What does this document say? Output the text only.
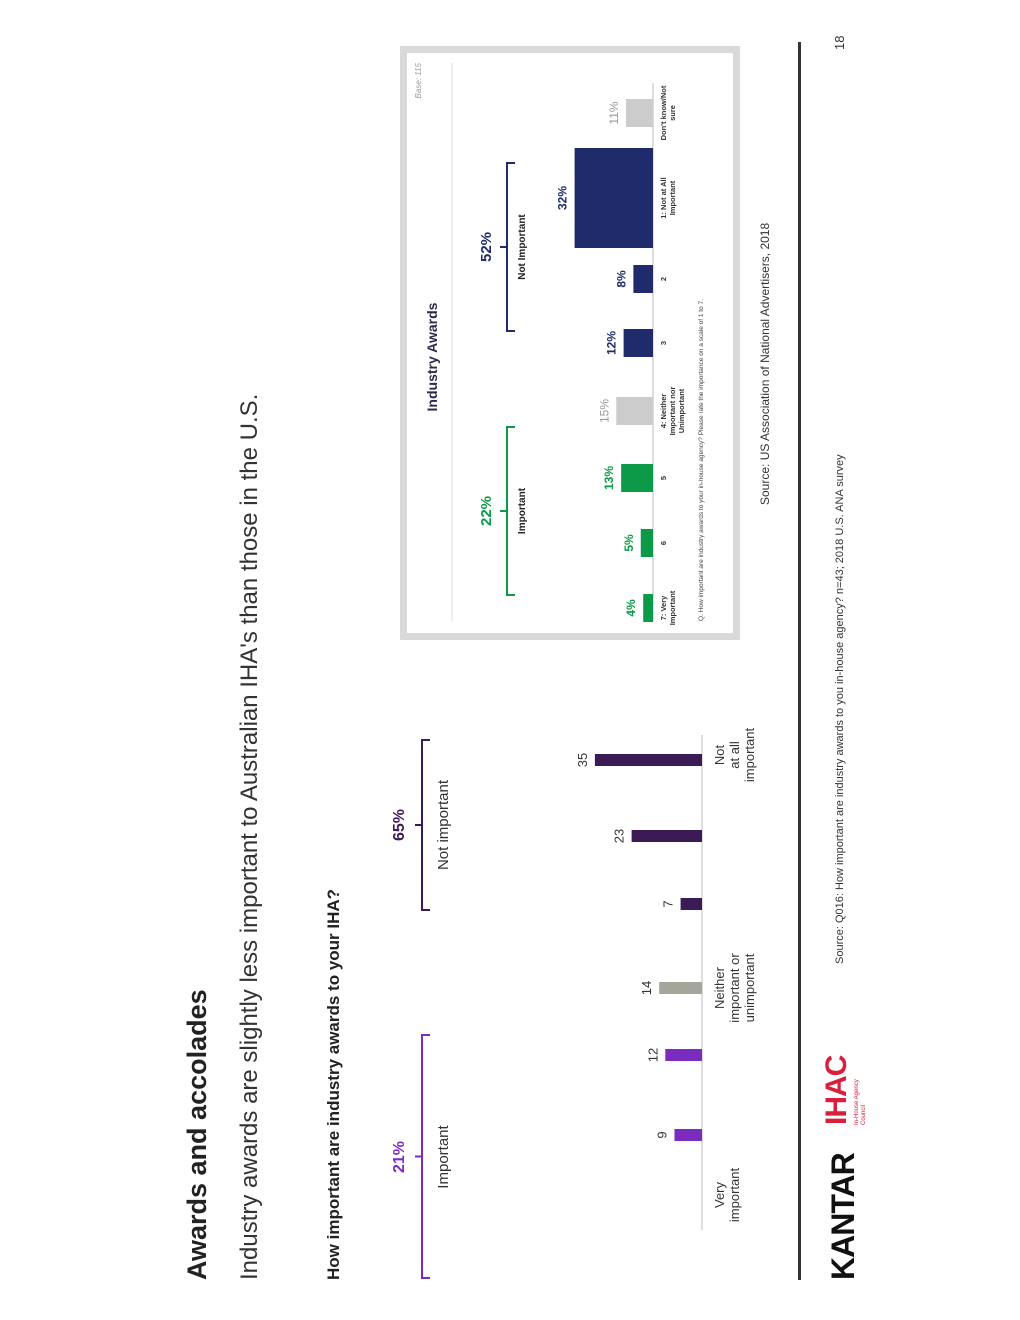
Awards and accolades Industry awards are slightly less important to Australian IHA's than those in the U.S.	How important are industry awards to your IHA?	9
12
14
7
23
35
Veryimportant
Neitherimportant orunimportant
Notat allimportant
21% Important
65% Not important
4%	7: VeryImportant
5%	6
13%	5
15%	4: NeitherImportant norUnimportant
12%	3
8%	2
32%	1: Not at AllImportant
11%	Don't know/Notsure
Industry Awards
Base: 115
22% Important
52% Not Important
Q. How important are industry awards to your in-house agency? Please rate the importance on a scale of 1 to 7.	Source: US Association of National Advertisers, 2018
Source: Q016: How important are industry awards to you in-house agency? n=43; 2018 U.S. ANA survey
18
KANTAR
IHAC In-House Agency Council
